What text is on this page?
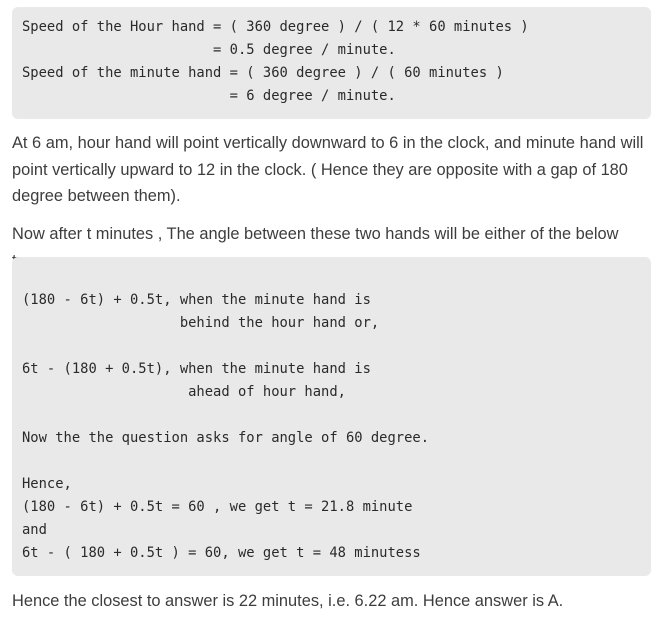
Speed of the Hour hand = ( 360 degree ) / ( 12 * 60 minutes )

= 0.5 degree / minute.

Speed of the minute hand = ( 360 degree ) / ( 60 minutes )

= 6 degree / minute.

At 6 am, hour hand will point vertically downward to 6 in the clock, and minute hand will point vertically upward to 12 in the clock. ( Hence they are opposite with a gap of 180 degree between them).

Now after t minutes , The angle between these two hands will be either of the below

(180 - 6t) + 0.5t, when the minute hand is

behind the hour hand or,

6t - (180 + 0.5t), when the minute hand is

ahead of hour hand,

Now the the question asks for angle of 60 degree.

Hence,

(180 - 6t) + 0.5t = 60 , we get t = 21.8 minute

and

6t - ( 180 + 0.5t ) = 60, we get t = 48 minutess

Hence the closest to answer is 22 minutes, i.e. 6.22 am. Hence answer is A.
